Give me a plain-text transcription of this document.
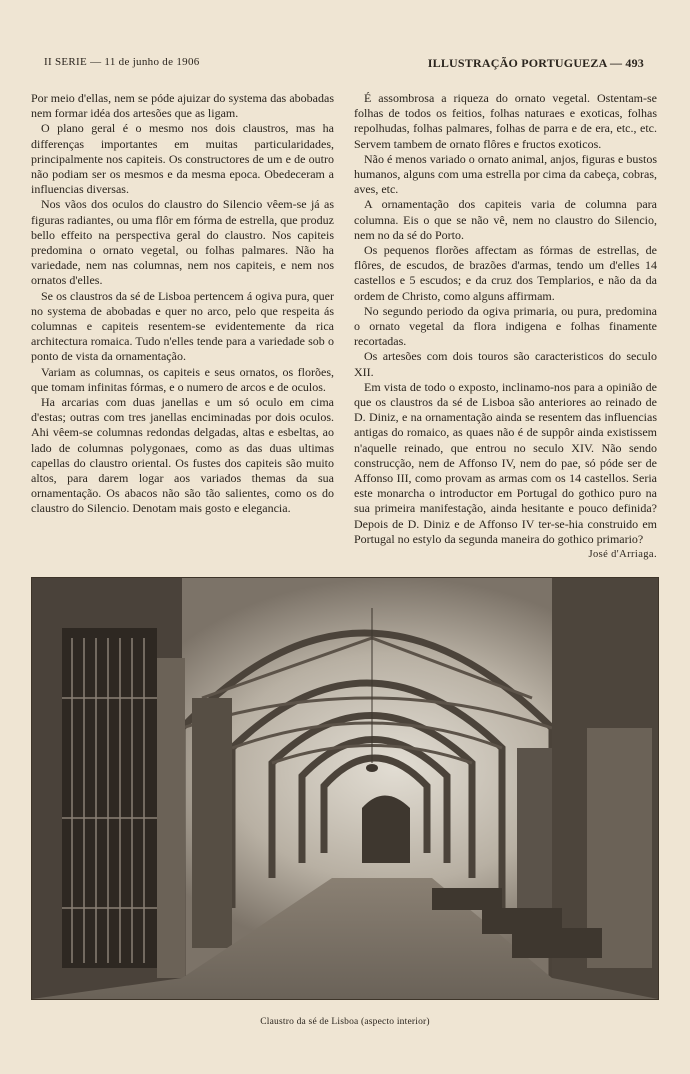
II SERIE — 11 de junho de 1906	ILLUSTRAÇÃO PORTUGUEZA — 493

Por meio d'ellas, nem se póde ajuizar do systema das abobadas nem formar idéa dos artesões que as ligam.

O plano geral é o mesmo nos dois claustros, mas ha differenças importantes em muitas particularidades, principalmente nos capiteis. Os constructores de um e de outro não podiam ser os mesmos e da mesma epoca. Obedeceram a influencias diversas.

Nos vãos dos oculos do claustro do Silencio vêem-se já as figuras radiantes, ou uma flôr em fórma de estrella, que produz bello effeito na perspectiva geral do claustro. Nos capiteis predomina o ornato vegetal, ou folhas palmares. Não ha variedade, nem nas columnas, nem nos capiteis, e nem nos ornatos d'elles.

Se os claustros da sé de Lisboa pertencem á ogiva pura, quer no systema de abobadas e quer no arco, pelo que respeita ás columnas e capiteis resentem-se evidentemente da rica architectura romaica. Tudo n'elles tende para a variedade sob o ponto de vista da ornamentação.

Variam as columnas, os capiteis e seus ornatos, os florões, que tomam infinitas fórmas, e o numero de arcos e de oculos.

Ha arcarias com duas janellas e um só oculo em cima d'estas; outras com tres janellas enciminadas por dois oculos. Ahi vêem-se columnas redondas delgadas, altas e esbeltas, ao lado de columnas polygonaes, como as das duas ultimas capellas do claustro oriental. Os fustes dos capiteis são muito altos, para darem logar aos variados themas da sua ornamentação. Os abacos não são tão salientes, como os do claustro do Silencio. Denotam mais gosto e elegancia.

É assombrosa a riqueza do ornato vegetal. Ostentam-se folhas de todos os feitios, folhas naturaes e exoticas, folhas repolhudas, folhas palmares, folhas de parra e de era, etc., etc. Servem tambem de ornato flôres e fructos exoticos.

Não é menos variado o ornato animal, anjos, figuras e bustos humanos, alguns com uma estrella por cima da cabeça, cobras, aves, etc.

A ornamentação dos capiteis varia de columna para columna. Eis o que se não vê, nem no claustro do Silencio, nem no da sé do Porto.

Os pequenos florões affectam as fórmas de estrellas, de flôres, de escudos, de brazões d'armas, tendo um d'elles 14 castellos e 5 escudos; e da cruz dos Templarios, e não da da ordem de Christo, como alguns affirmam.

No segundo periodo da ogiva primaria, ou pura, predomina o ornato vegetal da flora indigena e folhas finamente recortadas.

Os artesões com dois touros são caracteristicos do seculo XII.

Em vista de todo o exposto, inclinamo-nos para a opinião de que os claustros da sé de Lisboa são anteriores ao reinado de D. Diniz, e na ornamentação ainda se resentem das influencias antigas do romaico, as quaes não é de suppôr ainda existissem n'aquelle reinado, que entrou no seculo XIV. Não sendo construcção, nem de Affonso IV, nem do pae, só póde ser de Affonso III, como provam as armas com os 14 castellos. Seria este monarcha o introductor em Portugal do gothico puro na sua primeira manifestação, ainda hesitante e pouco definida? Depois de D. Diniz e de Affonso IV ter-se-hia construido em Portugal no estylo da segunda maneira do gothico primario?

José d'Arriaga.

Claustro da sé de Lisboa (aspecto interior)
